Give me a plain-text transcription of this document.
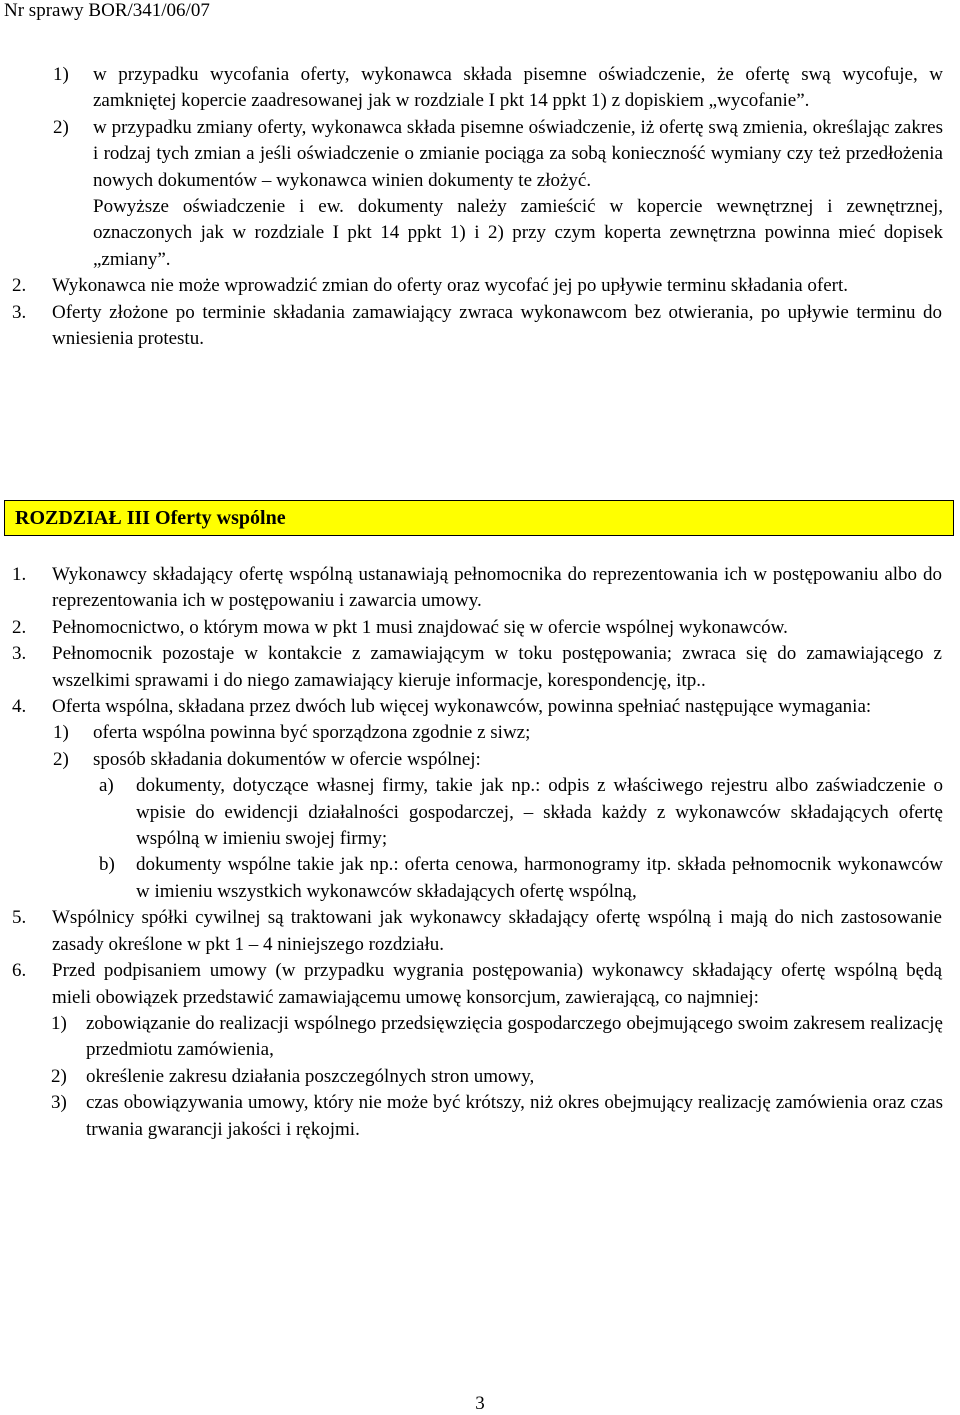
Nr sprawy BOR/341/06/07
1) w przypadku wycofania oferty, wykonawca składa pisemne oświadczenie, że ofertę swą wycofuje, w zamkniętej kopercie zaadresowanej jak w rozdziale I pkt 14 ppkt 1) z dopiskiem „wycofanie”.
2) w przypadku zmiany oferty, wykonawca składa pisemne oświadczenie, iż ofertę swą zmienia, określając zakres i rodzaj tych zmian a jeśli oświadczenie o zmianie pociąga za sobą konieczność wymiany czy też przedłożenia nowych dokumentów – wykonawca winien dokumenty te złożyć.
Powyższe oświadczenie i ew. dokumenty należy zamieścić w kopercie wewnętrznej i zewnętrznej, oznaczonych jak w rozdziale I pkt 14 ppkt 1) i 2) przy czym koperta zewnętrzna powinna mieć dopisek „zmiany”.
2. Wykonawca nie może wprowadzić zmian do oferty oraz wycofać jej po upływie terminu składania ofert.
3. Oferty złożone po terminie składania zamawiający zwraca wykonawcom bez otwierania, po upływie terminu do wniesienia protestu.
ROZDZIAŁ III Oferty wspólne
1. Wykonawcy składający ofertę wspólną ustanawiają pełnomocnika do reprezentowania ich w postępowaniu albo do reprezentowania ich w postępowaniu i zawarcia umowy.
2. Pełnomocnictwo, o którym mowa w pkt 1 musi znajdować się w ofercie wspólnej wykonawców.
3. Pełnomocnik pozostaje w kontakcie z zamawiającym w toku postępowania; zwraca się do zamawiającego z wszelkimi sprawami i do niego zamawiający kieruje informacje, korespondencję, itp..
4. Oferta wspólna, składana przez dwóch lub więcej wykonawców, powinna spełniać następujące wymagania:
1) oferta wspólna powinna być sporządzona zgodnie z siwz;
2) sposób składania dokumentów w ofercie wspólnej:
a) dokumenty, dotyczące własnej firmy, takie jak np.: odpis z właściwego rejestru albo zaświadczenie o wpisie do ewidencji działalności gospodarczej, – składa każdy z wykonawców składających ofertę wspólną w imieniu swojej firmy;
b) dokumenty wspólne takie jak np.: oferta cenowa, harmonogramy itp. składa pełnomocnik wykonawców w imieniu wszystkich wykonawców składających ofertę wspólną,
5. Wspólnicy spółki cywilnej są traktowani jak wykonawcy składający ofertę wspólną i mają do nich zastosowanie zasady określone w pkt 1 – 4 niniejszego rozdziału.
6. Przed podpisaniem umowy (w przypadku wygrania postępowania) wykonawcy składający ofertę wspólną będą mieli obowiązek przedstawić zamawiającemu umowę konsorcjum, zawierającą, co najmniej:
1) zobowiązanie do realizacji wspólnego przedsięwzięcia gospodarczego obejmującego swoim zakresem realizację przedmiotu zamówienia,
2) określenie zakresu działania poszczególnych stron umowy,
3) czas obowiązywania umowy, który nie może być krótszy, niż okres obejmujący realizację zamówienia oraz czas trwania gwarancji jakości i rękojmi.
3
